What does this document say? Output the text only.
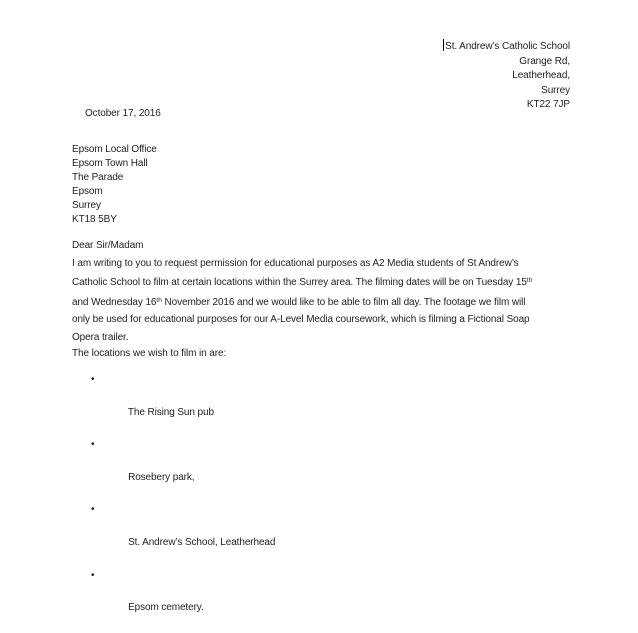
St. Andrew’s Catholic School
Grange Rd,
Leatherhead,
Surrey
KT22 7JP
October 17, 2016
Epsom Local Office
Epsom Town Hall
The Parade
Epsom
Surrey
KT18 5BY
Dear Sir/Madam
I am writing to you to request permission for educational purposes as A2 Media students of St Andrew’s
Catholic School to film at certain locations within the Surrey area. The filming dates will be on Tuesday 15th
and Wednesday 16th November 2016 and we would like to be able to film all day. The footage we film will
only be used for educational purposes for our A-Level Media coursework, which is filming a Fictional Soap
Opera trailer.
The locations we wish to film in are:

•

The Rising Sun pub

•

Rosebery park,

•

St. Andrew’s School, Leatherhead

•

Epsom cemetery.
